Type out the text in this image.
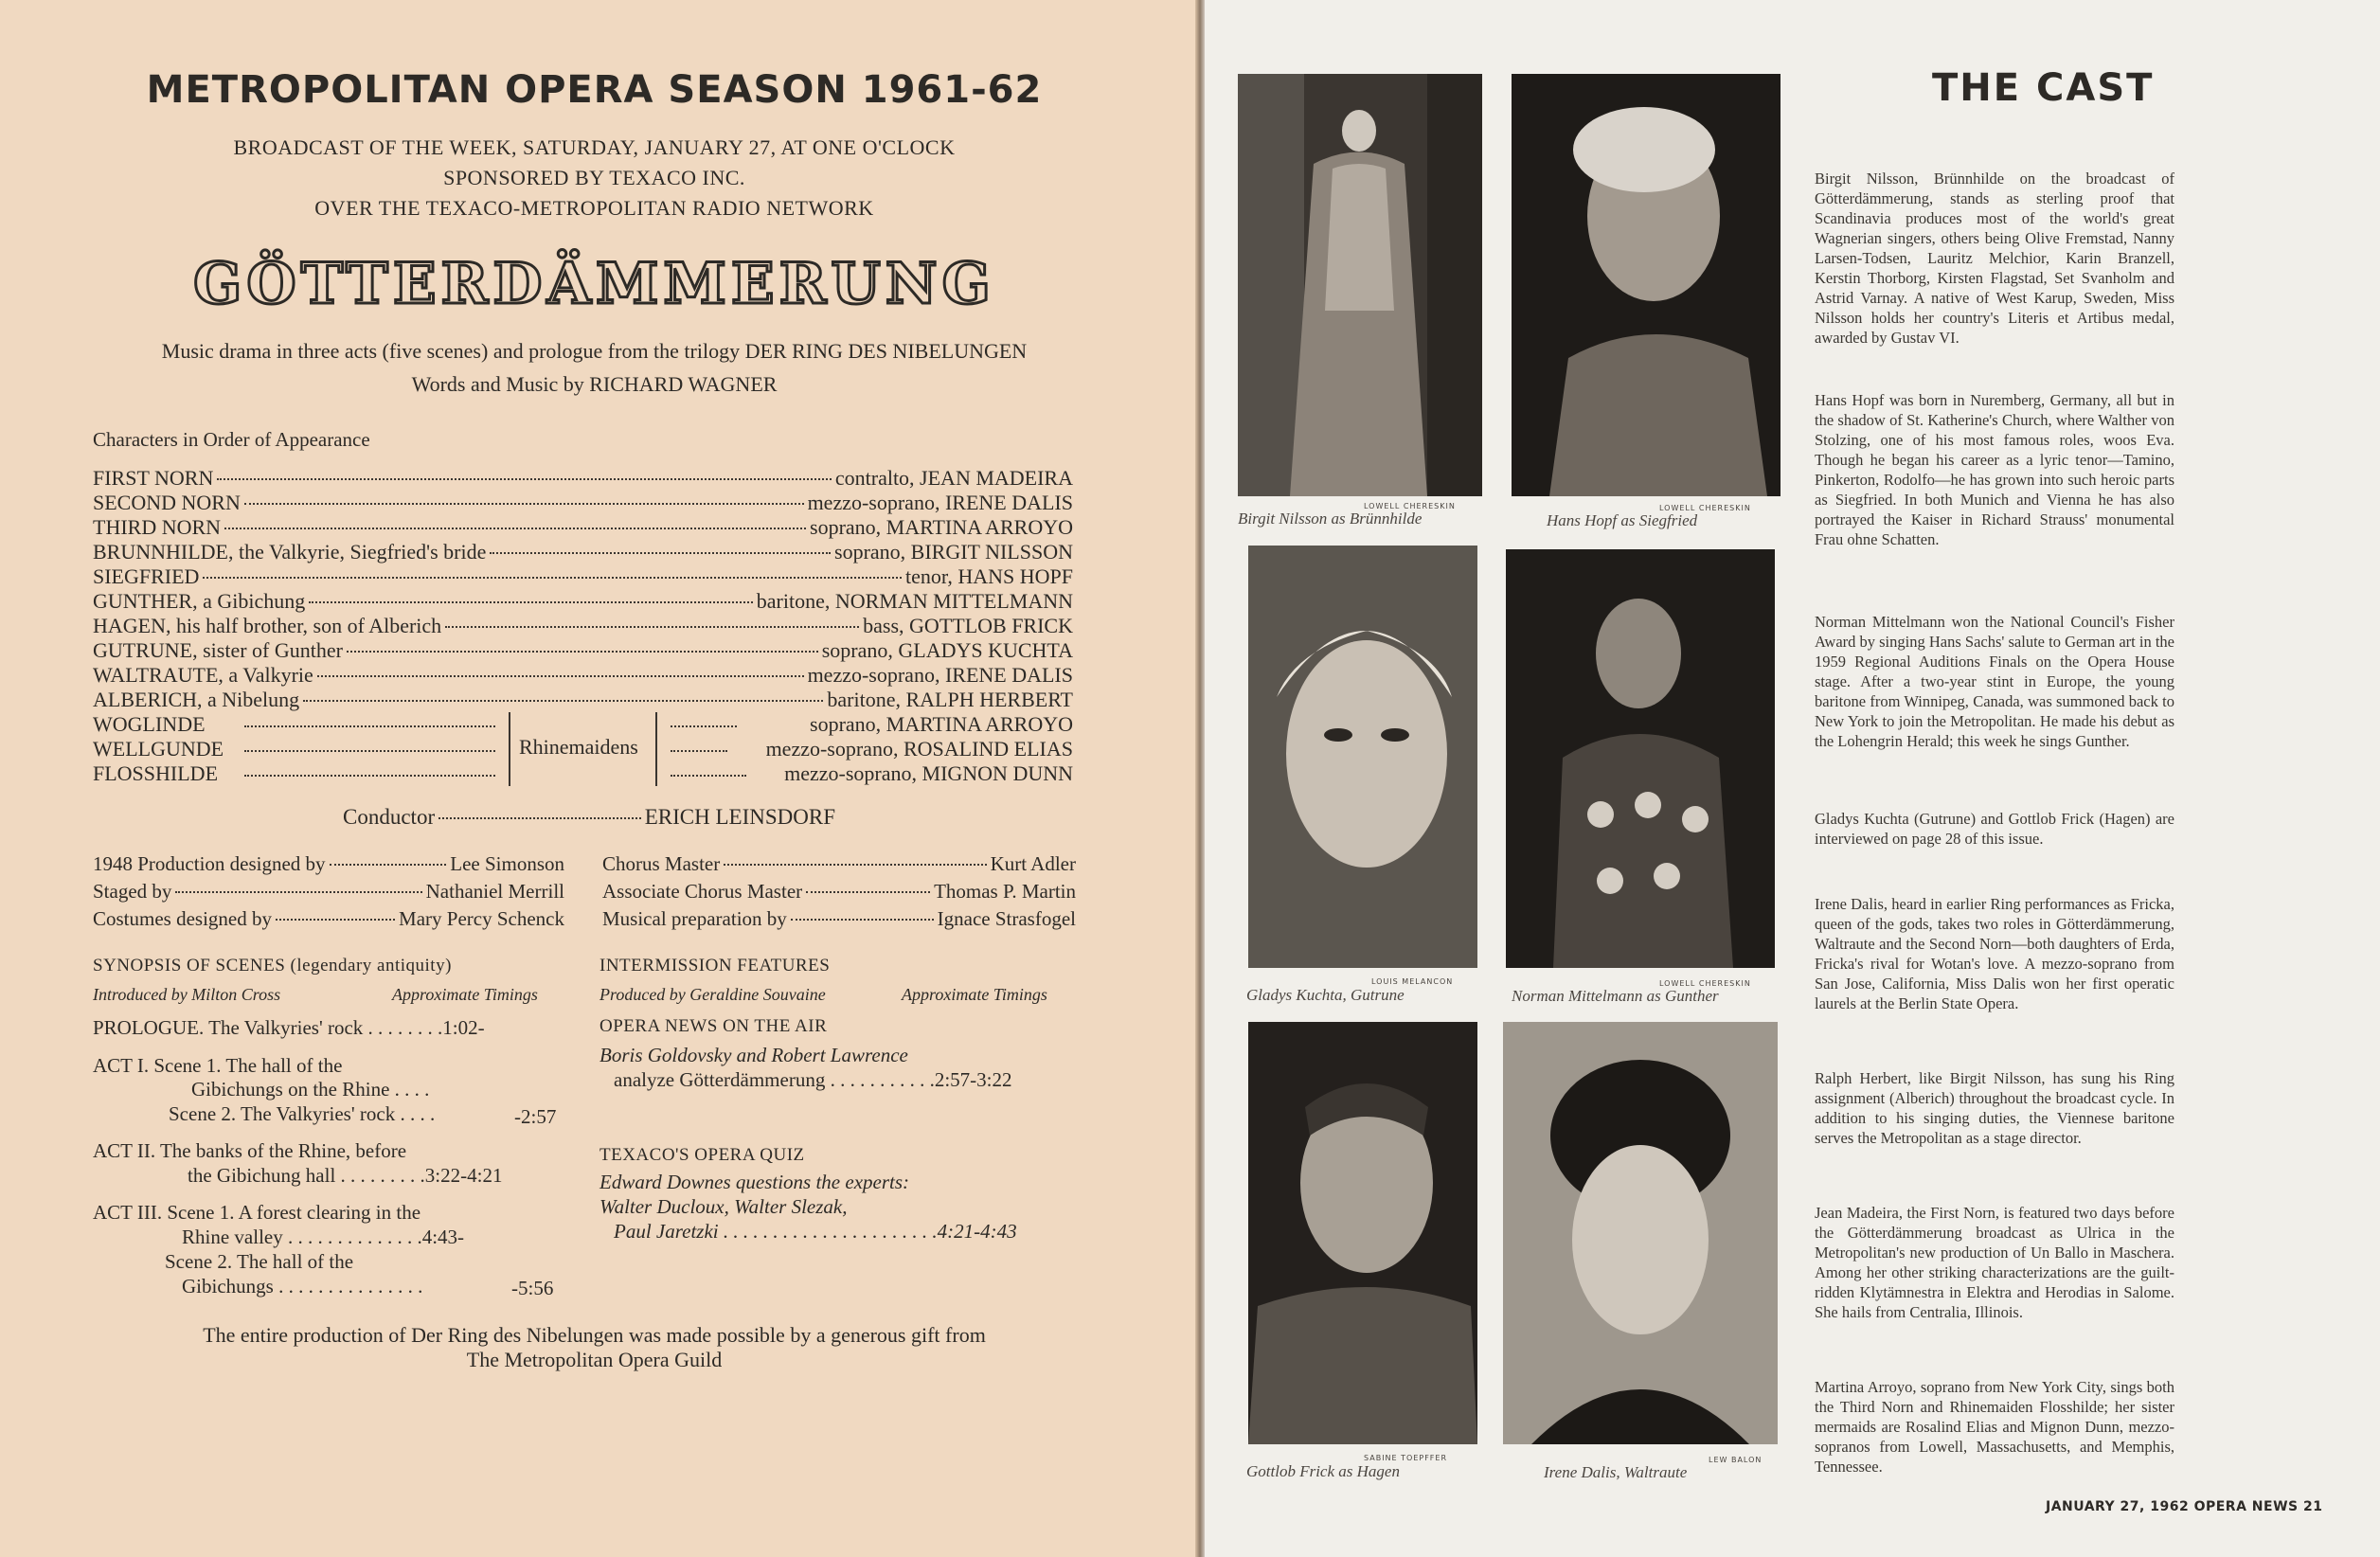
METROPOLITAN OPERA SEASON 1961-62
BROADCAST OF THE WEEK, SATURDAY, JANUARY 27, AT ONE O'CLOCK
SPONSORED BY TEXACO INC.
OVER THE TEXACO-METROPOLITAN RADIO NETWORK
GÖTTERDÄMMERUNG
Music drama in three acts (five scenes) and prologue from the trilogy DER RING DES NIBELUNGEN
Words and Music by RICHARD WAGNER
Characters in Order of Appearance
FIRST NORN	contralto, JEAN MADEIRA
SECOND NORN	mezzo-soprano, IRENE DALIS
THIRD NORN	soprano, MARTINA ARROYO
BRUNNHILDE, the Valkyrie, Siegfried's bride	soprano, BIRGIT NILSSON
SIEGFRIED	tenor, HANS HOPF
GUNTHER, a Gibichung	baritone, NORMAN MITTELMANN
HAGEN, his half brother, son of Alberich	bass, GOTTLOB FRICK
GUTRUNE, sister of Gunther	soprano, GLADYS KUCHTA
WALTRAUTE, a Valkyrie	mezzo-soprano, IRENE DALIS
ALBERICH, a Nibelung	baritone, RALPH HERBERT
WOGLINDE	soprano, MARTINA ARROYO
WELLGUNDE	mezzo-soprano, ROSALIND ELIAS
FLOSSHILDE	mezzo-soprano, MIGNON DUNN
Rhinemaidens
Conductor	ERICH LEINSDORF
1948 Production designed by	Lee Simonson
Staged by	Nathaniel Merrill
Costumes designed by	Mary Percy Schenck
Chorus Master	Kurt Adler
Associate Chorus Master	Thomas P. Martin
Musical preparation by	Ignace Strasfogel
SYNOPSIS OF SCENES (legendary antiquity)
Introduced by Milton Cross	Approximate Timings
PROLOGUE. The Valkyries' rock . . . . . . . .1:02-
ACT I. Scene 1. The hall of the
Gibichungs on the Rhine . . . .
Scene 2. The Valkyries' rock . . . .	-2:57
ACT II. The banks of the Rhine, before
the Gibichung hall . . . . . . . . .3:22-4:21
ACT III. Scene 1. A forest clearing in the
Rhine valley . . . . . . . . . . . . . .4:43-
Scene 2. The hall of the
Gibichungs . . . . . . . . . . . . . . .	-5:56
INTERMISSION FEATURES
Produced by Geraldine Souvaine	Approximate Timings
OPERA NEWS ON THE AIR
Boris Goldovsky and Robert Lawrence
analyze Götterdämmerung . . . . . . . . . . .2:57-3:22
TEXACO'S OPERA QUIZ
Edward Downes questions the experts:
Walter Ducloux, Walter Slezak,
Paul Jaretzki . . . . . . . . . . . . . . . . . . . . . .4:21-4:43
The entire production of Der Ring des Nibelungen was made possible by a generous gift from
The Metropolitan Opera Guild
LOWELL CHERESKIN
Birgit Nilsson as Brünnhilde
LOWELL CHERESKIN
Hans Hopf as Siegfried
LOUIS MELANCON
Gladys Kuchta, Gutrune
LOWELL CHERESKIN
Norman Mittelmann as Gunther
SABINE TOEPFFER
Gottlob Frick as Hagen
LEW BALON
Irene Dalis, Waltraute
THE CAST
Birgit Nilsson, Brünnhilde on the broadcast of Götterdämmerung, stands as sterling proof that Scandinavia produces most of the world's great Wagnerian singers, others being Olive Fremstad, Nanny Larsen-Todsen, Lauritz Melchior, Karin Branzell, Kerstin Thorborg, Kirsten Flagstad, Set Svanholm and Astrid Varnay. A native of West Karup, Sweden, Miss Nilsson holds her country's Literis et Artibus medal, awarded by Gustav VI.
Hans Hopf was born in Nuremberg, Germany, all but in the shadow of St. Katherine's Church, where Walther von Stolzing, one of his most famous roles, woos Eva. Though he began his career as a lyric tenor—Tamino, Pinkerton, Rodolfo—he has grown into such heroic parts as Siegfried. In both Munich and Vienna he has also portrayed the Kaiser in Richard Strauss' monumental Frau ohne Schatten.
Norman Mittelmann won the National Council's Fisher Award by singing Hans Sachs' salute to German art in the 1959 Regional Auditions Finals on the Opera House stage. After a two-year stint in Europe, the young baritone from Winnipeg, Canada, was summoned back to New York to join the Metropolitan. He made his debut as the Lohengrin Herald; this week he sings Gunther.
Gladys Kuchta (Gutrune) and Gottlob Frick (Hagen) are interviewed on page 28 of this issue.
Irene Dalis, heard in earlier Ring performances as Fricka, queen of the gods, takes two roles in Götterdämmerung, Waltraute and the Second Norn—both daughters of Erda, Fricka's rival for Wotan's love. A mezzo-soprano from San Jose, California, Miss Dalis won her first operatic laurels at the Berlin State Opera.
Ralph Herbert, like Birgit Nilsson, has sung his Ring assignment (Alberich) throughout the broadcast cycle. In addition to his singing duties, the Viennese baritone serves the Metropolitan as a stage director.
Jean Madeira, the First Norn, is featured two days before the Götterdämmerung broadcast as Ulrica in the Metropolitan's new production of Un Ballo in Maschera. Among her other striking characterizations are the guilt-ridden Klytämnestra in Elektra and Herodias in Salome. She hails from Centralia, Illinois.
Martina Arroyo, soprano from New York City, sings both the Third Norn and Rhinemaiden Flosshilde; her sister mermaids are Rosalind Elias and Mignon Dunn, mezzo-sopranos from Lowell, Massachusetts, and Memphis, Tennessee.
JANUARY 27, 1962 OPERA NEWS 21
